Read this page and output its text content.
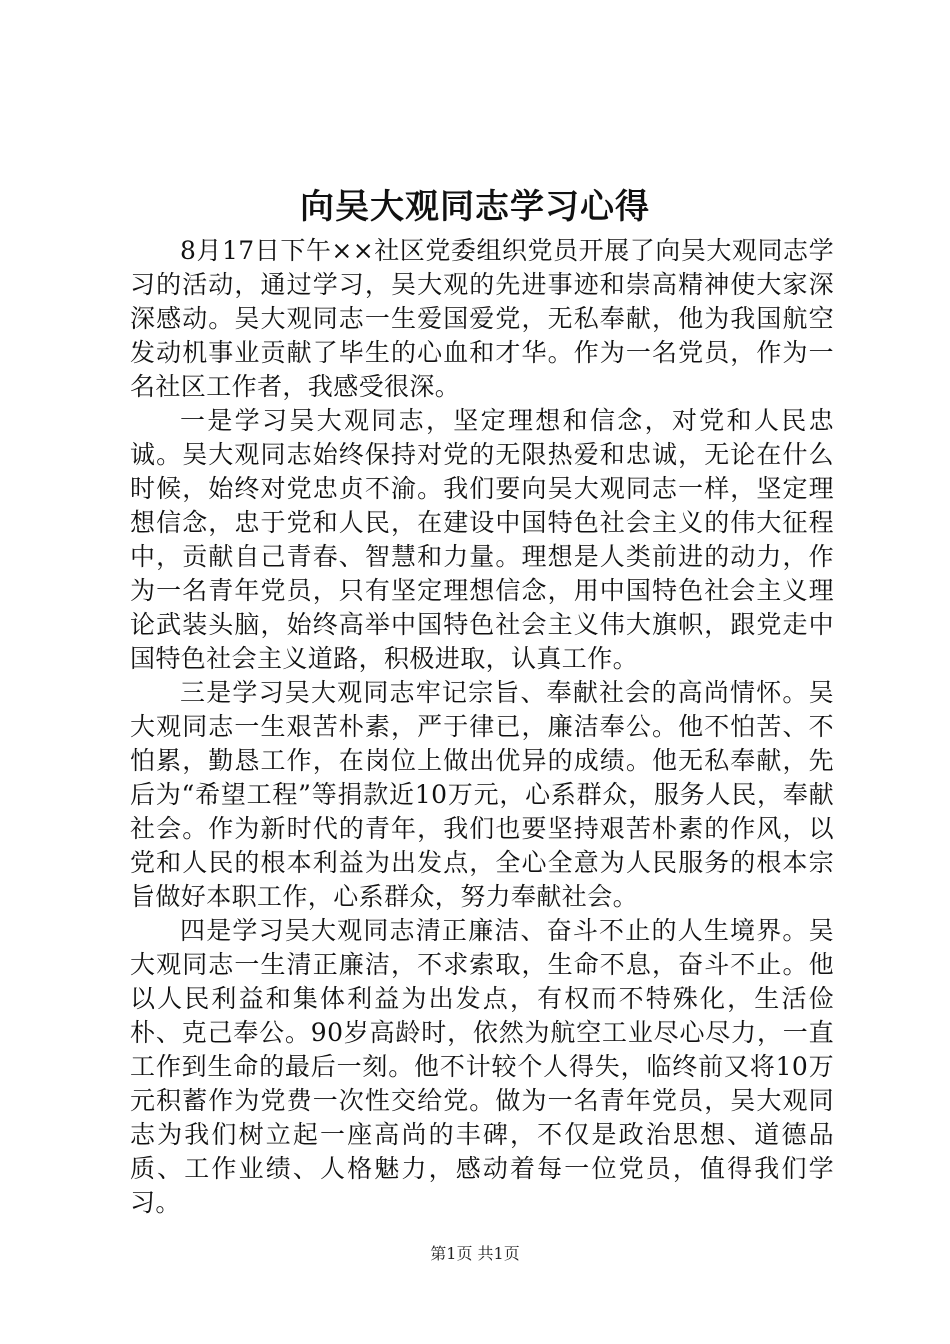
向吴大观同志学习心得

8月17日下午××社区党委组织党员开展了向吴大观同志学习的活动，通过学习，吴大观的先进事迹和崇高精神使大家深深感动。吴大观同志一生爱国爱党，无私奉献，他为我国航空发动机事业贡献了毕生的心血和才华。作为一名党员，作为一名社区工作者，我感受很深。

一是学习吴大观同志，坚定理想和信念，对党和人民忠诚。吴大观同志始终保持对党的无限热爱和忠诚，无论在什么时候，始终对党忠贞不渝。我们要向吴大观同志一样，坚定理想信念，忠于党和人民，在建设中国特色社会主义的伟大征程中，贡献自己青春、智慧和力量。理想是人类前进的动力，作为一名青年党员，只有坚定理想信念，用中国特色社会主义理论武装头脑，始终高举中国特色社会主义伟大旗帜，跟党走中国特色社会主义道路，积极进取，认真工作。

三是学习吴大观同志牢记宗旨、奉献社会的高尚情怀。吴大观同志一生艰苦朴素，严于律已，廉洁奉公。他不怕苦、不怕累，勤恳工作，在岗位上做出优异的成绩。他无私奉献，先后为“希望工程”等捐款近10万元，心系群众，服务人民，奉献社会。作为新时代的青年，我们也要坚持艰苦朴素的作风，以党和人民的根本利益为出发点，全心全意为人民服务的根本宗旨做好本职工作，心系群众，努力奉献社会。

四是学习吴大观同志清正廉洁、奋斗不止的人生境界。吴大观同志一生清正廉洁，不求索取，生命不息，奋斗不止。他以人民利益和集体利益为出发点，有权而不特殊化，生活俭朴、克己奉公。90岁高龄时，依然为航空工业尽心尽力，一直工作到生命的最后一刻。他不计较个人得失，临终前又将10万元积蓄作为党费一次性交给党。做为一名青年党员，吴大观同志为我们树立起一座高尚的丰碑，不仅是政治思想、道德品质、工作业绩、人格魅力，感动着每一位党员，值得我们学习。

第1页 共1页
